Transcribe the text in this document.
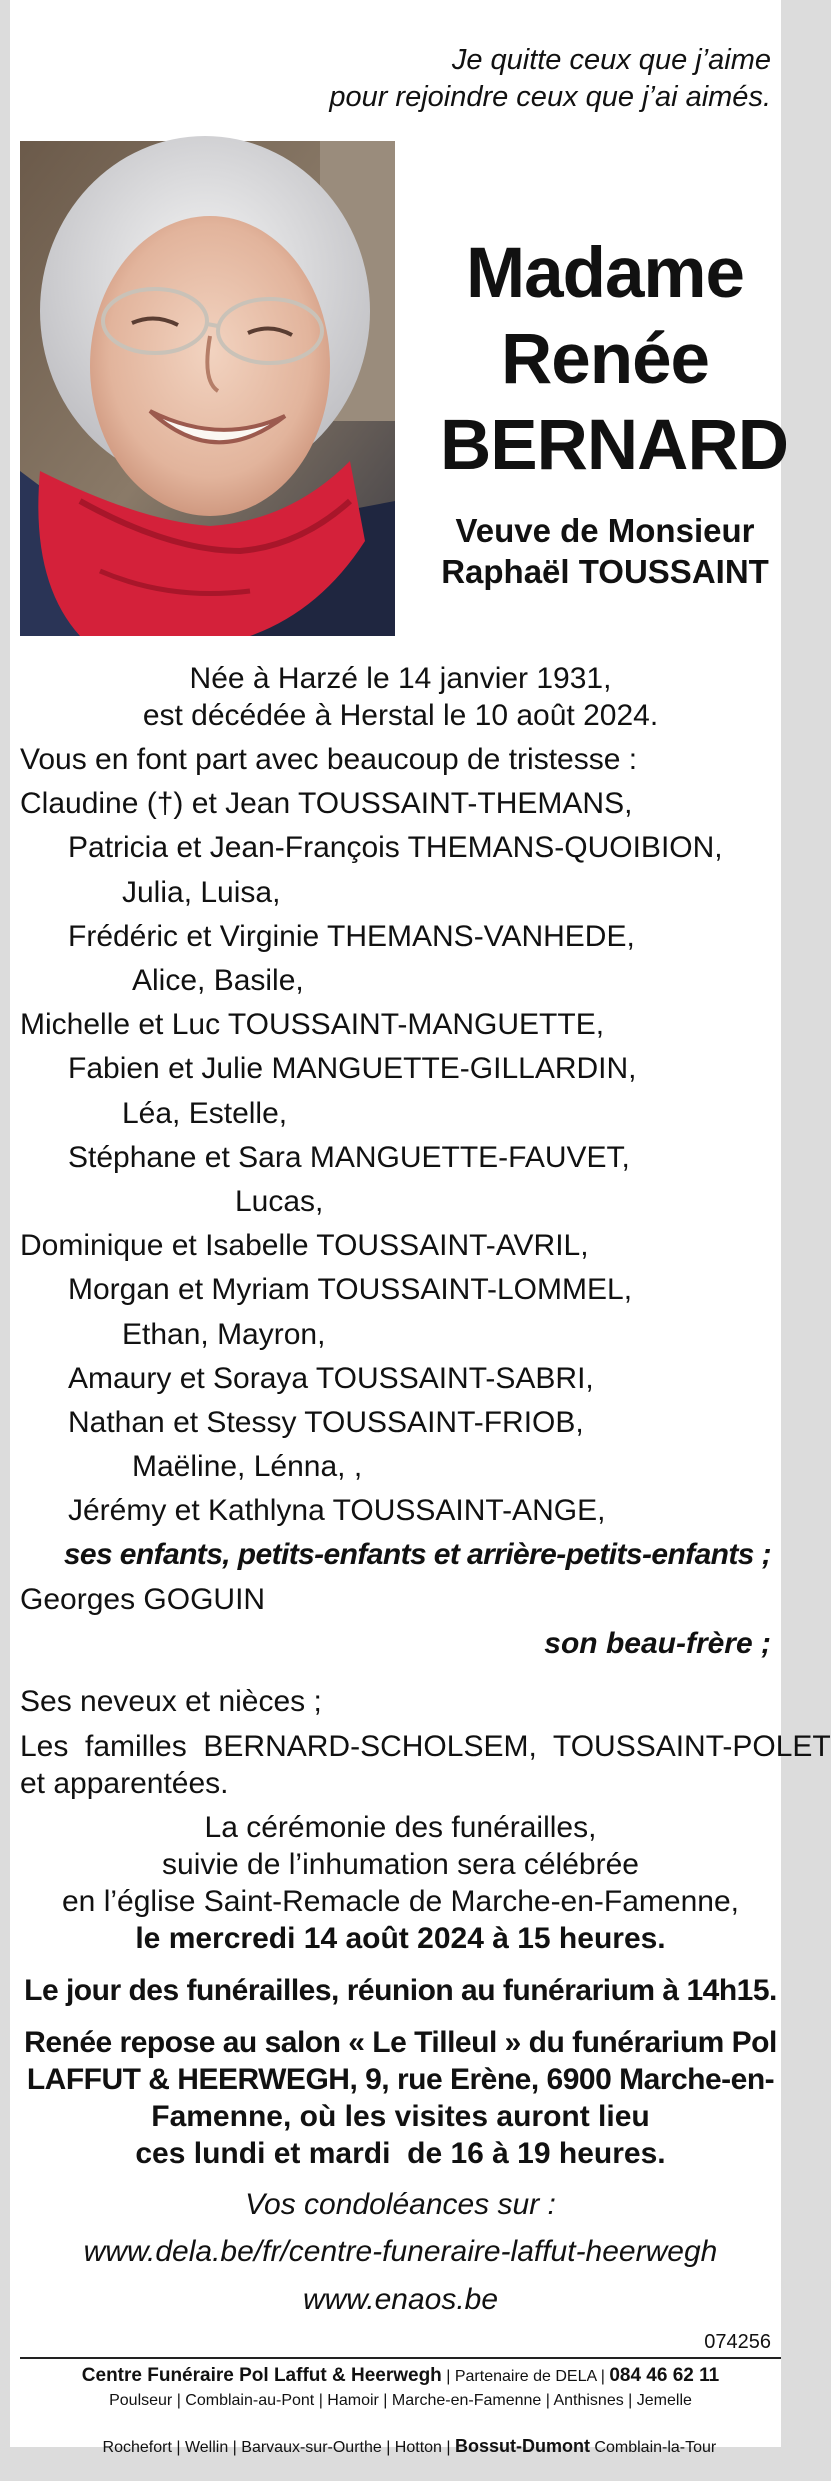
Je quitte ceux que j’aime
pour rejoindre ceux que j’ai aimés.
Madame
Renée
BERNARD
Veuve de Monsieur
Raphaël TOUSSAINT
Née à Harzé le 14 janvier 1931,
est décédée à Herstal le 10 août 2024.
Vous en font part avec beaucoup de tristesse :
Claudine (†) et Jean TOUSSAINT-THEMANS,
Patricia et Jean-François THEMANS-QUOIBION,
Julia, Luisa,
Frédéric et Virginie THEMANS-VANHEDE,
Alice, Basile,
Michelle et Luc TOUSSAINT-MANGUETTE,
Fabien et Julie MANGUETTE-GILLARDIN,
Léa, Estelle,
Stéphane et Sara MANGUETTE-FAUVET,
Lucas,
Dominique et Isabelle TOUSSAINT-AVRIL,
Morgan et Myriam TOUSSAINT-LOMMEL,
Ethan, Mayron,
Amaury et Soraya TOUSSAINT-SABRI,
Nathan et Stessy TOUSSAINT-FRIOB,
Maëline, Lénna, ,
Jérémy et Kathlyna TOUSSAINT-ANGE,
ses enfants, petits-enfants et arrière-petits-enfants ;
Georges GOGUIN
son beau-frère ;
Ses neveux et nièces ;
Les  familles  BERNARD-SCHOLSEM,  TOUSSAINT-POLET
et apparentées.
La cérémonie des funérailles,
suivie de l’inhumation sera célébrée
en l’église Saint-Remacle de Marche-en-Famenne,
le mercredi 14 août 2024 à 15 heures.
Le jour des funérailles, réunion au funérarium à 14h15.
Renée repose au salon « Le Tilleul » du funérarium Pol
LAFFUT & HEERWEGH, 9, rue Erène, 6900 Marche-en-
Famenne, où les visites auront lieu
ces lundi et mardi  de 16 à 19 heures.
Vos condoléances sur :
www.dela.be/fr/centre-funeraire-laffut-heerwegh
www.enaos.be
074256
Centre Funéraire Pol Laffut & Heerwegh | Partenaire de DELA | 084 46 62 11
Poulseur | Comblain-au-Pont | Hamoir | Marche-en-Famenne | Anthisnes | Jemelle

Rochefort | Wellin | Barvaux-sur-Ourthe | Hotton | Bossut-Dumont Comblain-la-Tour
